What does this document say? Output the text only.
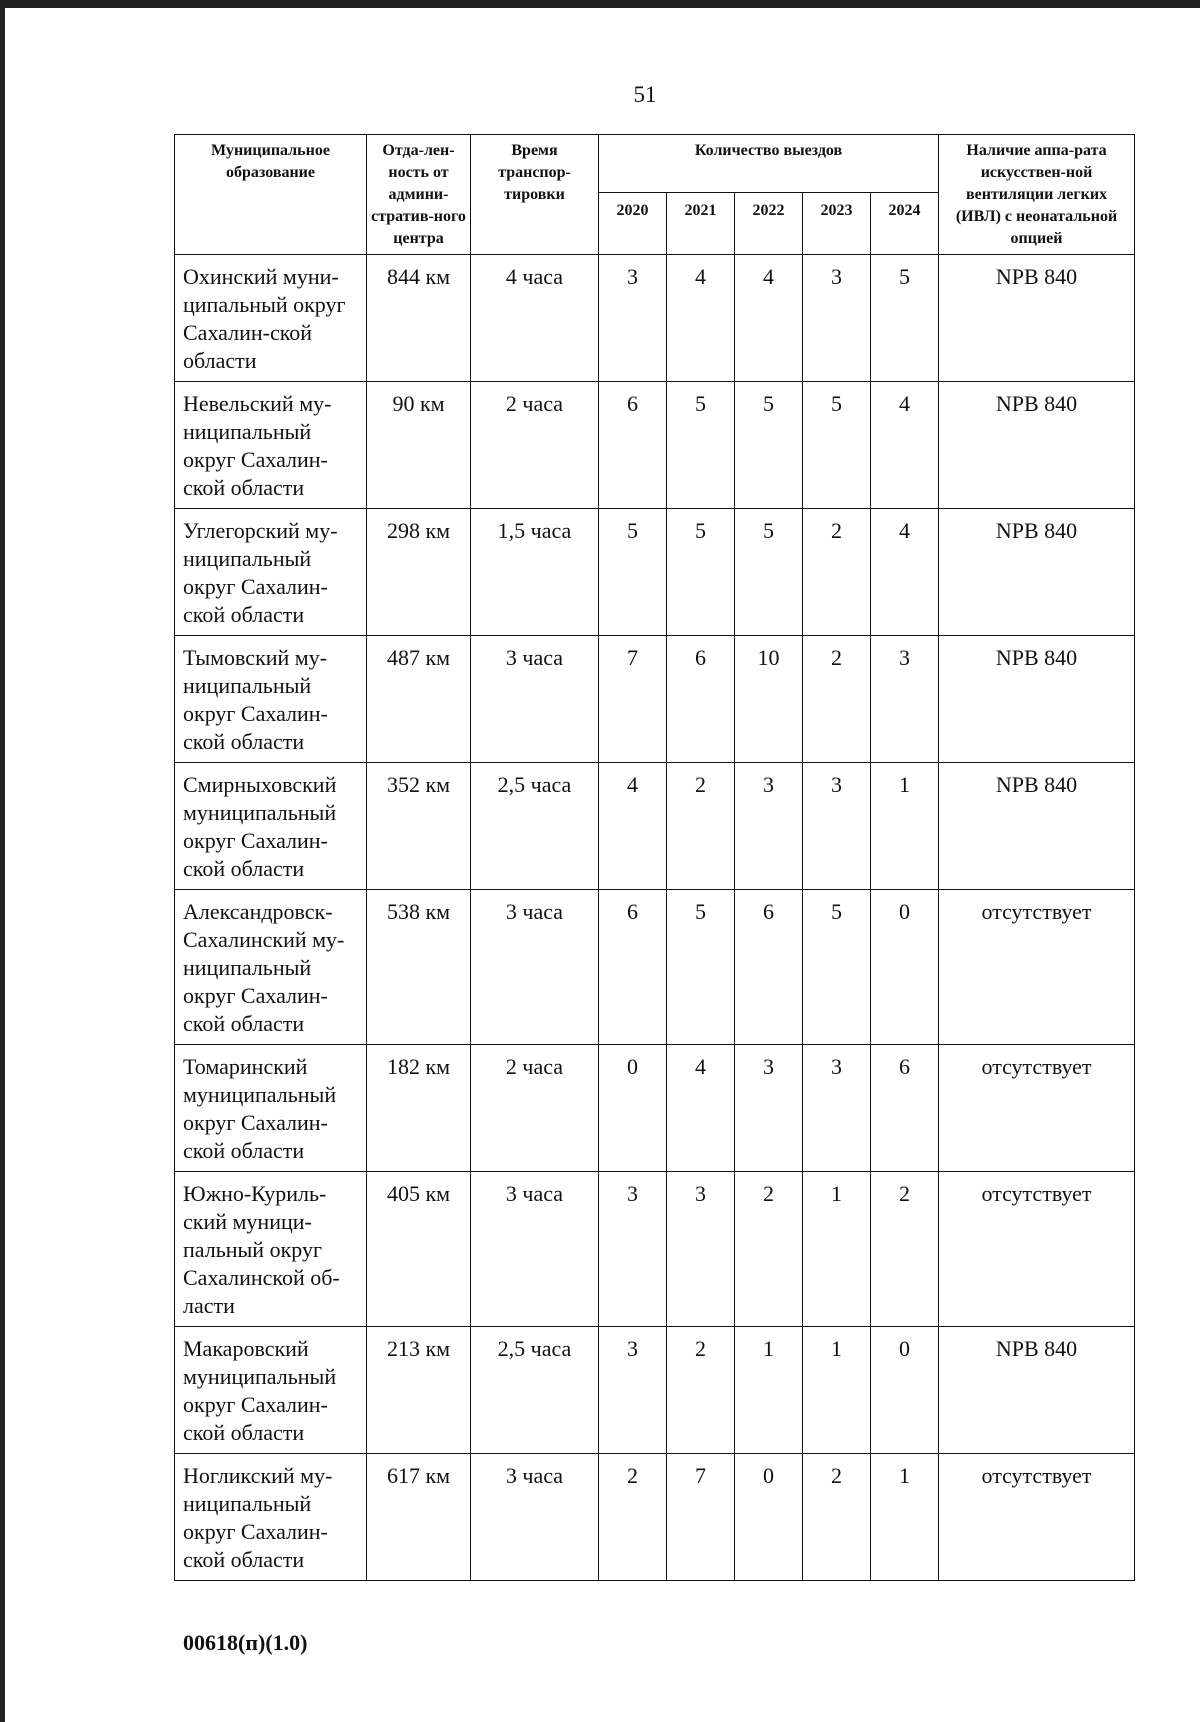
51
Муниципальное образование	Отда-лен-ность от админи-стратив-ного центра	Время транспор-тировки	Количество выездов					Наличие аппа-рата искусствен-ной вентиляции легких (ИВЛ) с неонатальной опцией
			2020	2021	2022	2023	2024	
Охинский муни-ципальный округ Сахалин-ской области	844 км	4 часа	3	4	4	3	5	NPB 840
Невельский му-ниципальный округ Сахалин-ской области	90 км	2 часа	6	5	5	5	4	NPB 840
Углегорский му-ниципальный округ Сахалин-ской области	298 км	1,5 часа	5	5	5	2	4	NPB 840
Тымовский му-ниципальный округ Сахалин-ской области	487 км	3 часа	7	6	10	2	3	NPB 840
Смирныховский муниципальный округ Сахалин-ской области	352 км	2,5 часа	4	2	3	3	1	NPB 840
Александровск-Сахалинский му-ниципальный округ Сахалин-ской области	538 км	3 часа	6	5	6	5	0	отсутствует
Томаринский муниципальный округ Сахалин-ской области	182 км	2 часа	0	4	3	3	6	отсутствует
Южно-Куриль-ский муници-пальный округ Сахалинской об-ласти	405 км	3 часа	3	3	2	1	2	отсутствует
Макаровский муниципальный округ Сахалин-ской области	213 км	2,5 часа	3	2	1	1	0	NPB 840
Ногликский му-ниципальный округ Сахалин-ской области	617 км	3 часа	2	7	0	2	1	отсутствует
00618(п)(1.0)
